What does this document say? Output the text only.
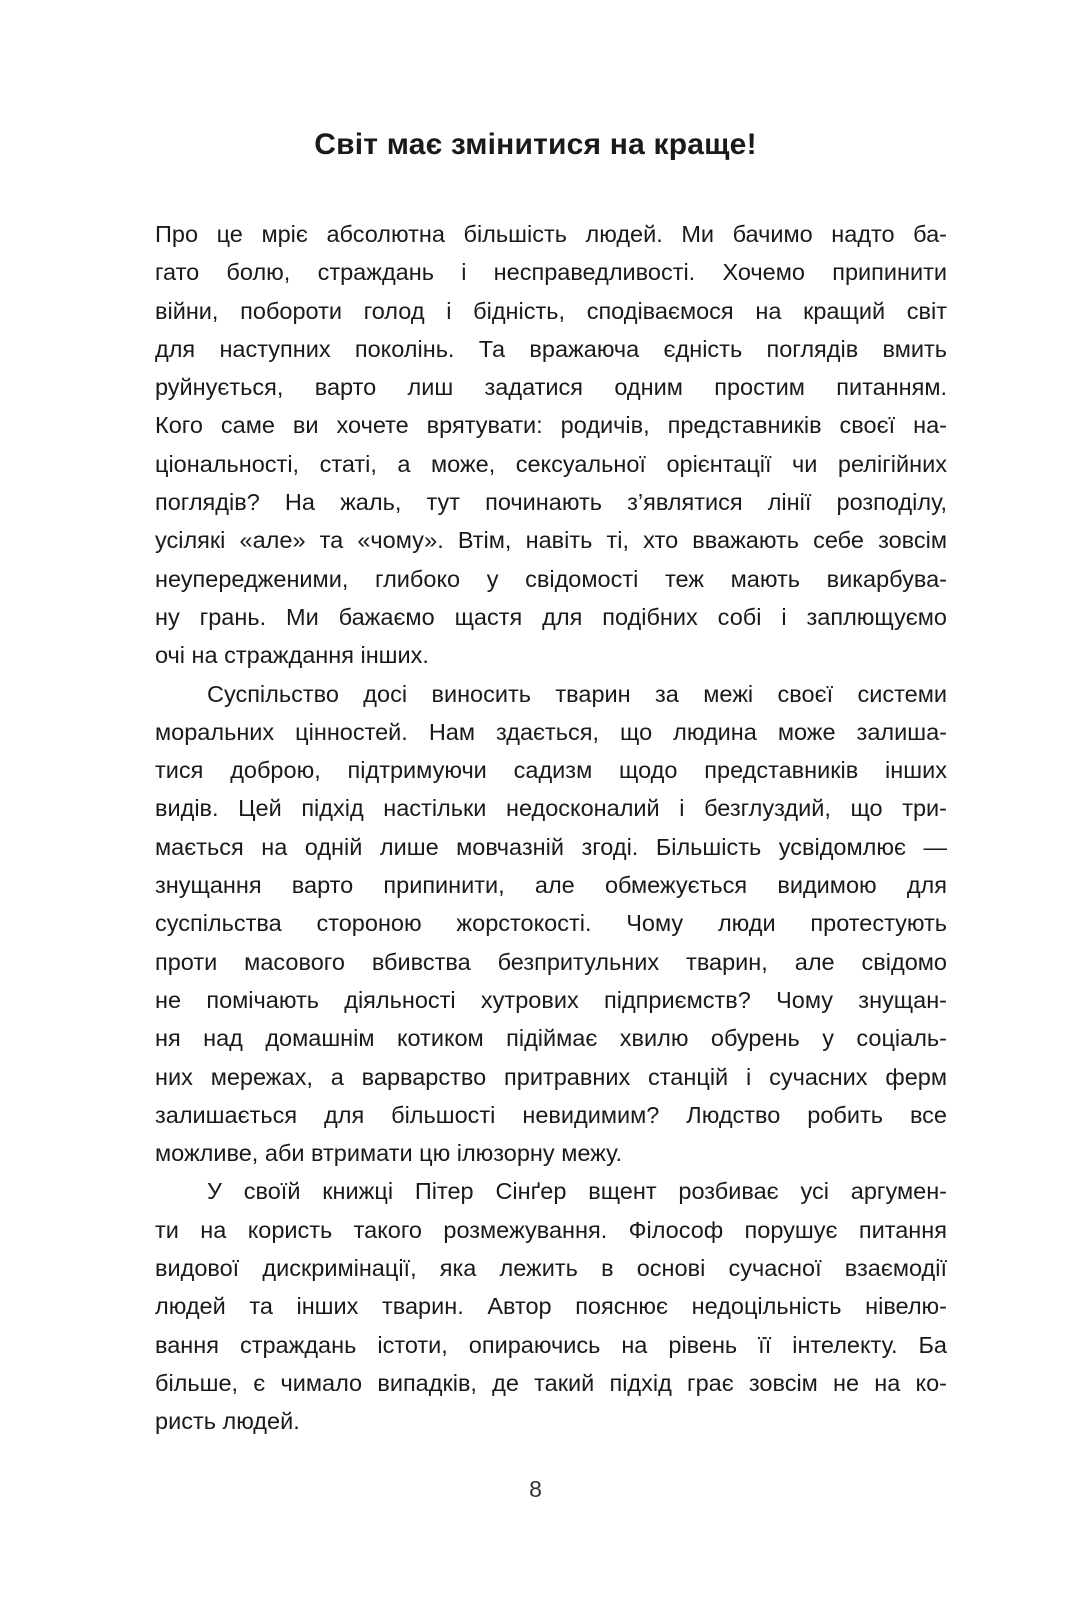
Світ має змінитися на краще!
Про це мріє абсолютна більшість людей. Ми бачимо надто ба-
гато болю, страждань і несправедливості. Хочемо припинити
війни, побороти голод і бідність, сподіваємося на кращий світ
для наступних поколінь. Та вражаюча єдність поглядів вмить
руйнується, варто лиш задатися одним простим питанням.
Кого саме ви хочете врятувати: родичів, представників своєї на-
ціональності, статі, а може, сексуальної орієнтації чи релігійних
поглядів? На жаль, тут починають з’являтися лінії розподілу,
усілякі «але» та «чому». Втім, навіть ті, хто вважають себе зовсім
неупередженими, глибоко у свідомості теж мають викарбува-
ну грань. Ми бажаємо щастя для подібних собі і заплющуємо
очі на страждання інших.
Суспільство досі виносить тварин за межі своєї системи
моральних цінностей. Нам здається, що людина може залиша-
тися доброю, підтримуючи садизм щодо представників інших
видів. Цей підхід настільки недосконалий і безглуздий, що три-
мається на одній лише мовчазній згоді. Більшість усвідомлює —
знущання варто припинити, але обмежується видимою для
суспільства стороною жорстокості. Чому люди протестують
проти масового вбивства безпритульних тварин, але свідомо
не помічають діяльності хутрових підприємств? Чому знущан-
ня над домашнім котиком підіймає хвилю обурень у соціаль-
них мережах, а варварство притравних станцій і сучасних ферм
залишається для більшості невидимим? Людство робить все
можливе, аби втримати цю ілюзорну межу.
У своїй книжці Пітер Сінґер вщент розбиває усі аргумен-
ти на користь такого розмежування. Філософ порушує питання
видової дискримінації, яка лежить в основі сучасної взаємодії
людей та інших тварин. Автор пояснює недоцільність нівелю-
вання страждань істоти, опираючись на рівень її інтелекту. Ба
більше, є чимало випадків, де такий підхід грає зовсім не на ко-
ристь людей.
8
